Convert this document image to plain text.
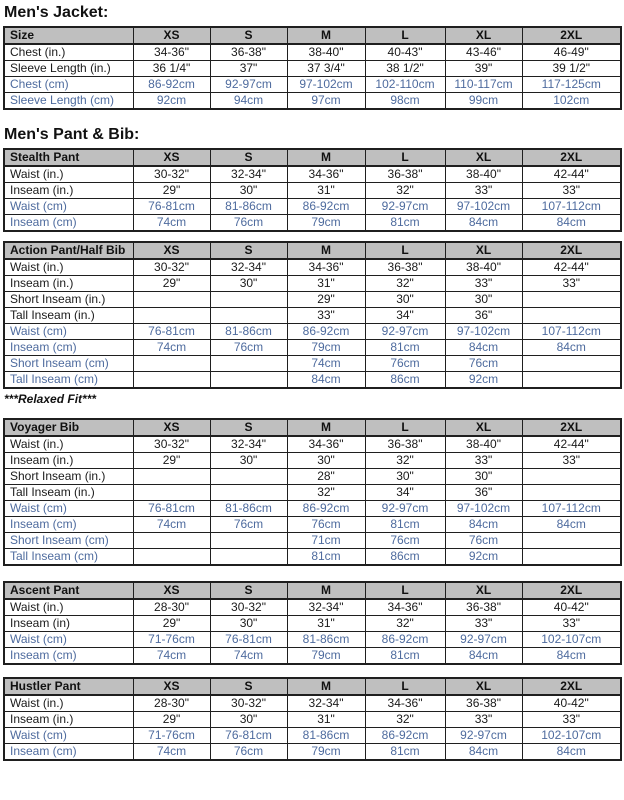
Men's Jacket:
Size	XS	S	M	L	XL	2XL
Chest (in.)	34-36"	36-38"	38-40"	40-43"	43-46"	46-49"
Sleeve Length (in.)	36 1/4"	37"	37 3/4"	38 1/2"	39"	39 1/2"
Chest (cm)	86-92cm	92-97cm	97-102cm	102-110cm	110-117cm	117-125cm
Sleeve Length (cm)	92cm	94cm	97cm	98cm	99cm	102cm
Men's Pant & Bib:
Stealth Pant	XS	S	M	L	XL	2XL
Waist (in.)	30-32"	32-34"	34-36"	36-38"	38-40"	42-44"
Inseam (in.)	29"	30"	31"	32"	33"	33"
Waist (cm)	76-81cm	81-86cm	86-92cm	92-97cm	97-102cm	107-112cm
Inseam (cm)	74cm	76cm	79cm	81cm	84cm	84cm
Action Pant/Half Bib	XS	S	M	L	XL	2XL
Waist (in.)	30-32"	32-34"	34-36"	36-38"	38-40"	42-44"
Inseam (in.)	29"	30"	31"	32"	33"	33"
Short Inseam (in.)			29"	30"	30"	
Tall Inseam (in.)			33"	34"	36"	
Waist (cm)	76-81cm	81-86cm	86-92cm	92-97cm	97-102cm	107-112cm
Inseam (cm)	74cm	76cm	79cm	81cm	84cm	84cm
Short Inseam (cm)			74cm	76cm	76cm	
Tall Inseam (cm)			84cm	86cm	92cm	

***Relaxed Fit***

Voyager Bib	XS	S	M	L	XL	2XL
Waist (in.)	30-32"	32-34"	34-36"	36-38"	38-40"	42-44"
Inseam (in.)	29"	30"	30"	32"	33"	33"
Short Inseam (in.)			28"	30"	30"	
Tall Inseam (in.)			32"	34"	36"	
Waist (cm)	76-81cm	81-86cm	86-92cm	92-97cm	97-102cm	107-112cm
Inseam (cm)	74cm	76cm	76cm	81cm	84cm	84cm
Short Inseam (cm)			71cm	76cm	76cm	
Tall Inseam (cm)			81cm	86cm	92cm	
Ascent Pant	XS	S	M	L	XL	2XL
Waist (in.)	28-30"	30-32"	32-34"	34-36"	36-38"	40-42"
Inseam (in)	29"	30"	31"	32"	33"	33"
Waist (cm)	71-76cm	76-81cm	81-86cm	86-92cm	92-97cm	102-107cm
Inseam (cm)	74cm	74cm	79cm	81cm	84cm	84cm
Hustler Pant	XS	S	M	L	XL	2XL
Waist (in.)	28-30"	30-32"	32-34"	34-36"	36-38"	40-42"
Inseam (in.)	29"	30"	31"	32"	33"	33"
Waist (cm)	71-76cm	76-81cm	81-86cm	86-92cm	92-97cm	102-107cm
Inseam (cm)	74cm	76cm	79cm	81cm	84cm	84cm
